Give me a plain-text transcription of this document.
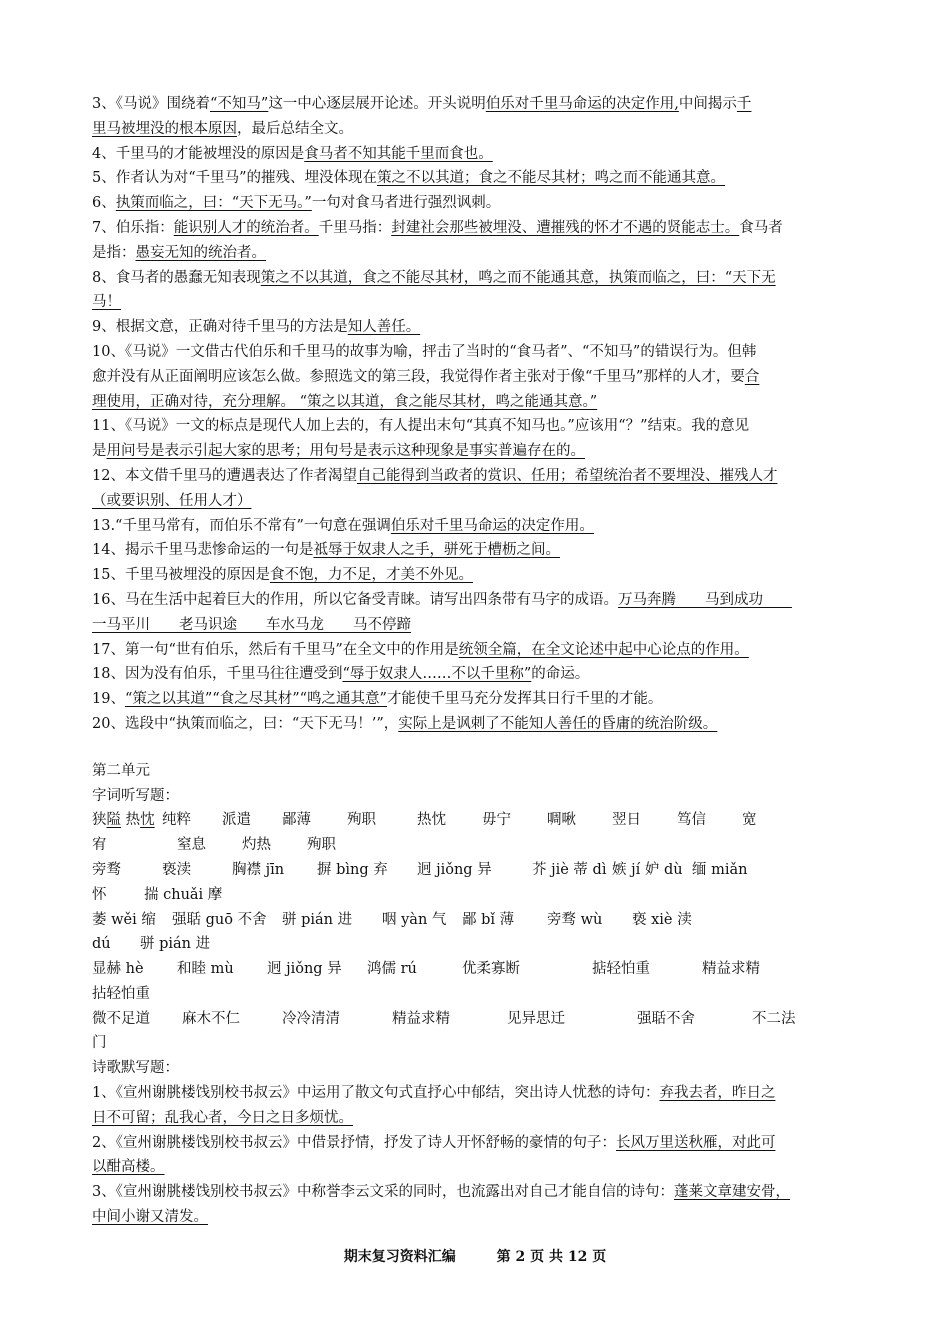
3、《马说》围绕着“不知马”这一中心逐层展开论述。开头说明伯乐对千里马命运的决定作用,中间揭示千
里马被埋没的根本原因，最后总结全文。
4、千里马的才能被埋没的原因是食马者不知其能千里而食也。
5、作者认为对“千里马”的摧残、埋没体现在策之不以其道；食之不能尽其材；鸣之而不能通其意。
6、执策而临之，曰：“天下无马。”一句对食马者进行强烈讽刺。
7、伯乐指：能识别人才的统治者。千里马指：封建社会那些被埋没、遭摧残的怀才不遇的贤能志士。食马者
是指：愚妄无知的统治者。
8、食马者的愚蠢无知表现策之不以其道，食之不能尽其材，鸣之而不能通其意，执策而临之，曰：“天下无
马！
9、根据文意，正确对待千里马的方法是知人善任。
10、《马说》一文借古代伯乐和千里马的故事为喻，抨击了当时的“食马者”、“不知马”的错误行为。但韩
愈并没有从正面阐明应该怎么做。参照选文的第三段，我觉得作者主张对于像“千里马”那样的人才，要合
理使用，正确对待，充分理解。 “策之以其道，食之能尽其材，鸣之能通其意。”
11、《马说》一文的标点是现代人加上去的，有人提出末句“其真不知马也。”应该用“？”结束。我的意见
是用问号是表示引起大家的思考；用句号是表示这种现象是事实普遍存在的。
12、本文借千里马的遭遇表达了作者渴望自己能得到当政者的赏识、任用；希望统治者不要埋没、摧残人才
（或要识别、任用人才）
13.“千里马常有，而伯乐不常有”一句意在强调伯乐对千里马命运的决定作用。
14、揭示千里马悲惨命运的一句是祗辱于奴隶人之手，骈死于槽枥之间。
15、千里马被埋没的原因是食不饱，力不足，才美不外见。
16、马在生活中起着巨大的作用，所以它备受青睐。请写出四条带有马字的成语。万马奔腾　　马到成功　　
一马平川　　老马识途　　车水马龙　　马不停蹄
17、第一句“世有伯乐，然后有千里马”在全文中的作用是统领全篇，在全文论述中起中心论点的作用。
18、因为没有伯乐，千里马往往遭受到“辱于奴隶人……不以千里称”的命运。
19、“策之以其道”“食之尽其材”“鸣之通其意”才能使千里马充分发挥其日行千里的才能。
20、选段中“执策而临之，曰：“天下无马！’”，实际上是讽刺了不能知人善任的昏庸的统治阶级。
第二单元
字词听写题：
狭隘 热忱 纯粹 派遣 鄙薄 殉职	热忱 毋宁 啁啾 翌日 笃信 宽
宥	窒息 灼热 殉职
旁骛	亵渎	胸襟 jīn 摒 bìng 弃 迥 jiǒng 异	芥 jiè 蒂 dì 嫉 jí 妒 dù 缅 miǎn
怀	揣 chuǎi 摩
萎 wěi 缩 强聒 guō 不舍 骈 pián 进 咽 yàn 气 鄙 bǐ 薄 旁骛 wù 亵 xiè 渎
dú 骈 pián 进
显赫 hè 和睦 mù 迥 jiǒng 异 鸿儒 rú	优柔寡断	掂轻怕重	精益求精
拈轻怕重
微不足道 麻木不仁	冷冷清清	精益求精	见异思迁	强聒不舍	不二法
门
诗歌默写题：
1、《宣州谢朓楼饯别校书叔云》中运用了散文句式直抒心中郁结，突出诗人忧愁的诗句：弃我去者，昨日之
日不可留；乱我心者，今日之日多烦忧。
2、《宣州谢朓楼饯别校书叔云》中借景抒情，抒发了诗人开怀舒畅的豪情的句子：长风万里送秋雁，对此可
以酣高楼。
3、《宣州谢朓楼饯别校书叔云》中称誉李云文采的同时，也流露出对自己才能自信的诗句：蓬莱文章建安骨，
中间小谢又清发。
期末复习资料汇编	第 2 页 共 12 页
